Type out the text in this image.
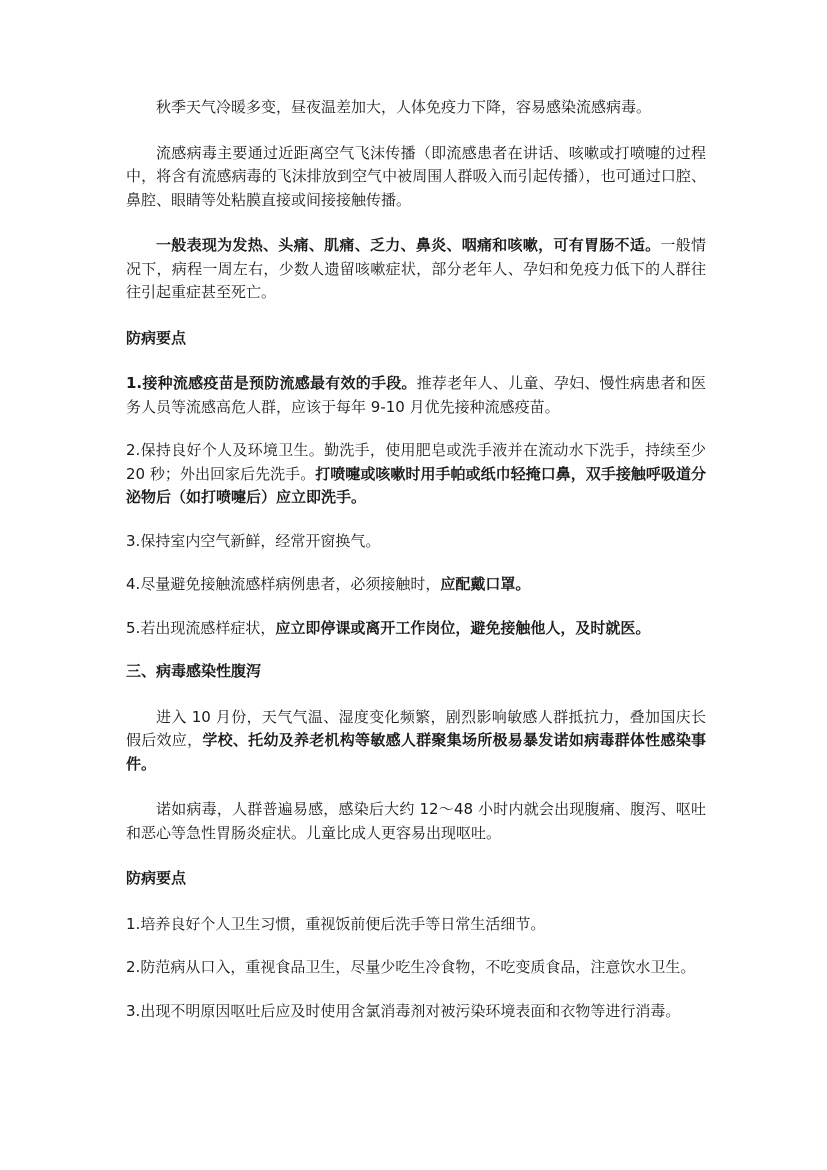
秋季天气冷暖多变，昼夜温差加大，人体免疫力下降，容易感染流感病毒。

流感病毒主要通过近距离空气飞沫传播（即流感患者在讲话、咳嗽或打喷嚏的过程中，将含有流感病毒的飞沫排放到空气中被周围人群吸入而引起传播），也可通过口腔、鼻腔、眼睛等处粘膜直接或间接接触传播。

一般表现为发热、头痛、肌痛、乏力、鼻炎、咽痛和咳嗽，可有胃肠不适。一般情况下，病程一周左右，少数人遗留咳嗽症状，部分老年人、孕妇和免疫力低下的人群往往引起重症甚至死亡。

防病要点

1.接种流感疫苗是预防流感最有效的手段。推荐老年人、儿童、孕妇、慢性病患者和医务人员等流感高危人群，应该于每年 9-10 月优先接种流感疫苗。

2.保持良好个人及环境卫生。勤洗手，使用肥皂或洗手液并在流动水下洗手，持续至少 20 秒；外出回家后先洗手。打喷嚏或咳嗽时用手帕或纸巾轻掩口鼻，双手接触呼吸道分泌物后（如打喷嚏后）应立即洗手。

3.保持室内空气新鲜，经常开窗换气。

4.尽量避免接触流感样病例患者，必须接触时，应配戴口罩。

5.若出现流感样症状，应立即停课或离开工作岗位，避免接触他人，及时就医。

三、病毒感染性腹泻

进入 10 月份，天气气温、湿度变化频繁，剧烈影响敏感人群抵抗力，叠加国庆长假后效应，学校、托幼及养老机构等敏感人群聚集场所极易暴发诺如病毒群体性感染事件。

诺如病毒，人群普遍易感，感染后大约 12～48 小时内就会出现腹痛、腹泻、呕吐和恶心等急性胃肠炎症状。儿童比成人更容易出现呕吐。

防病要点

1.培养良好个人卫生习惯，重视饭前便后洗手等日常生活细节。

2.防范病从口入，重视食品卫生，尽量少吃生冷食物，不吃变质食品，注意饮水卫生。

3.出现不明原因呕吐后应及时使用含氯消毒剂对被污染环境表面和衣物等进行消毒。
